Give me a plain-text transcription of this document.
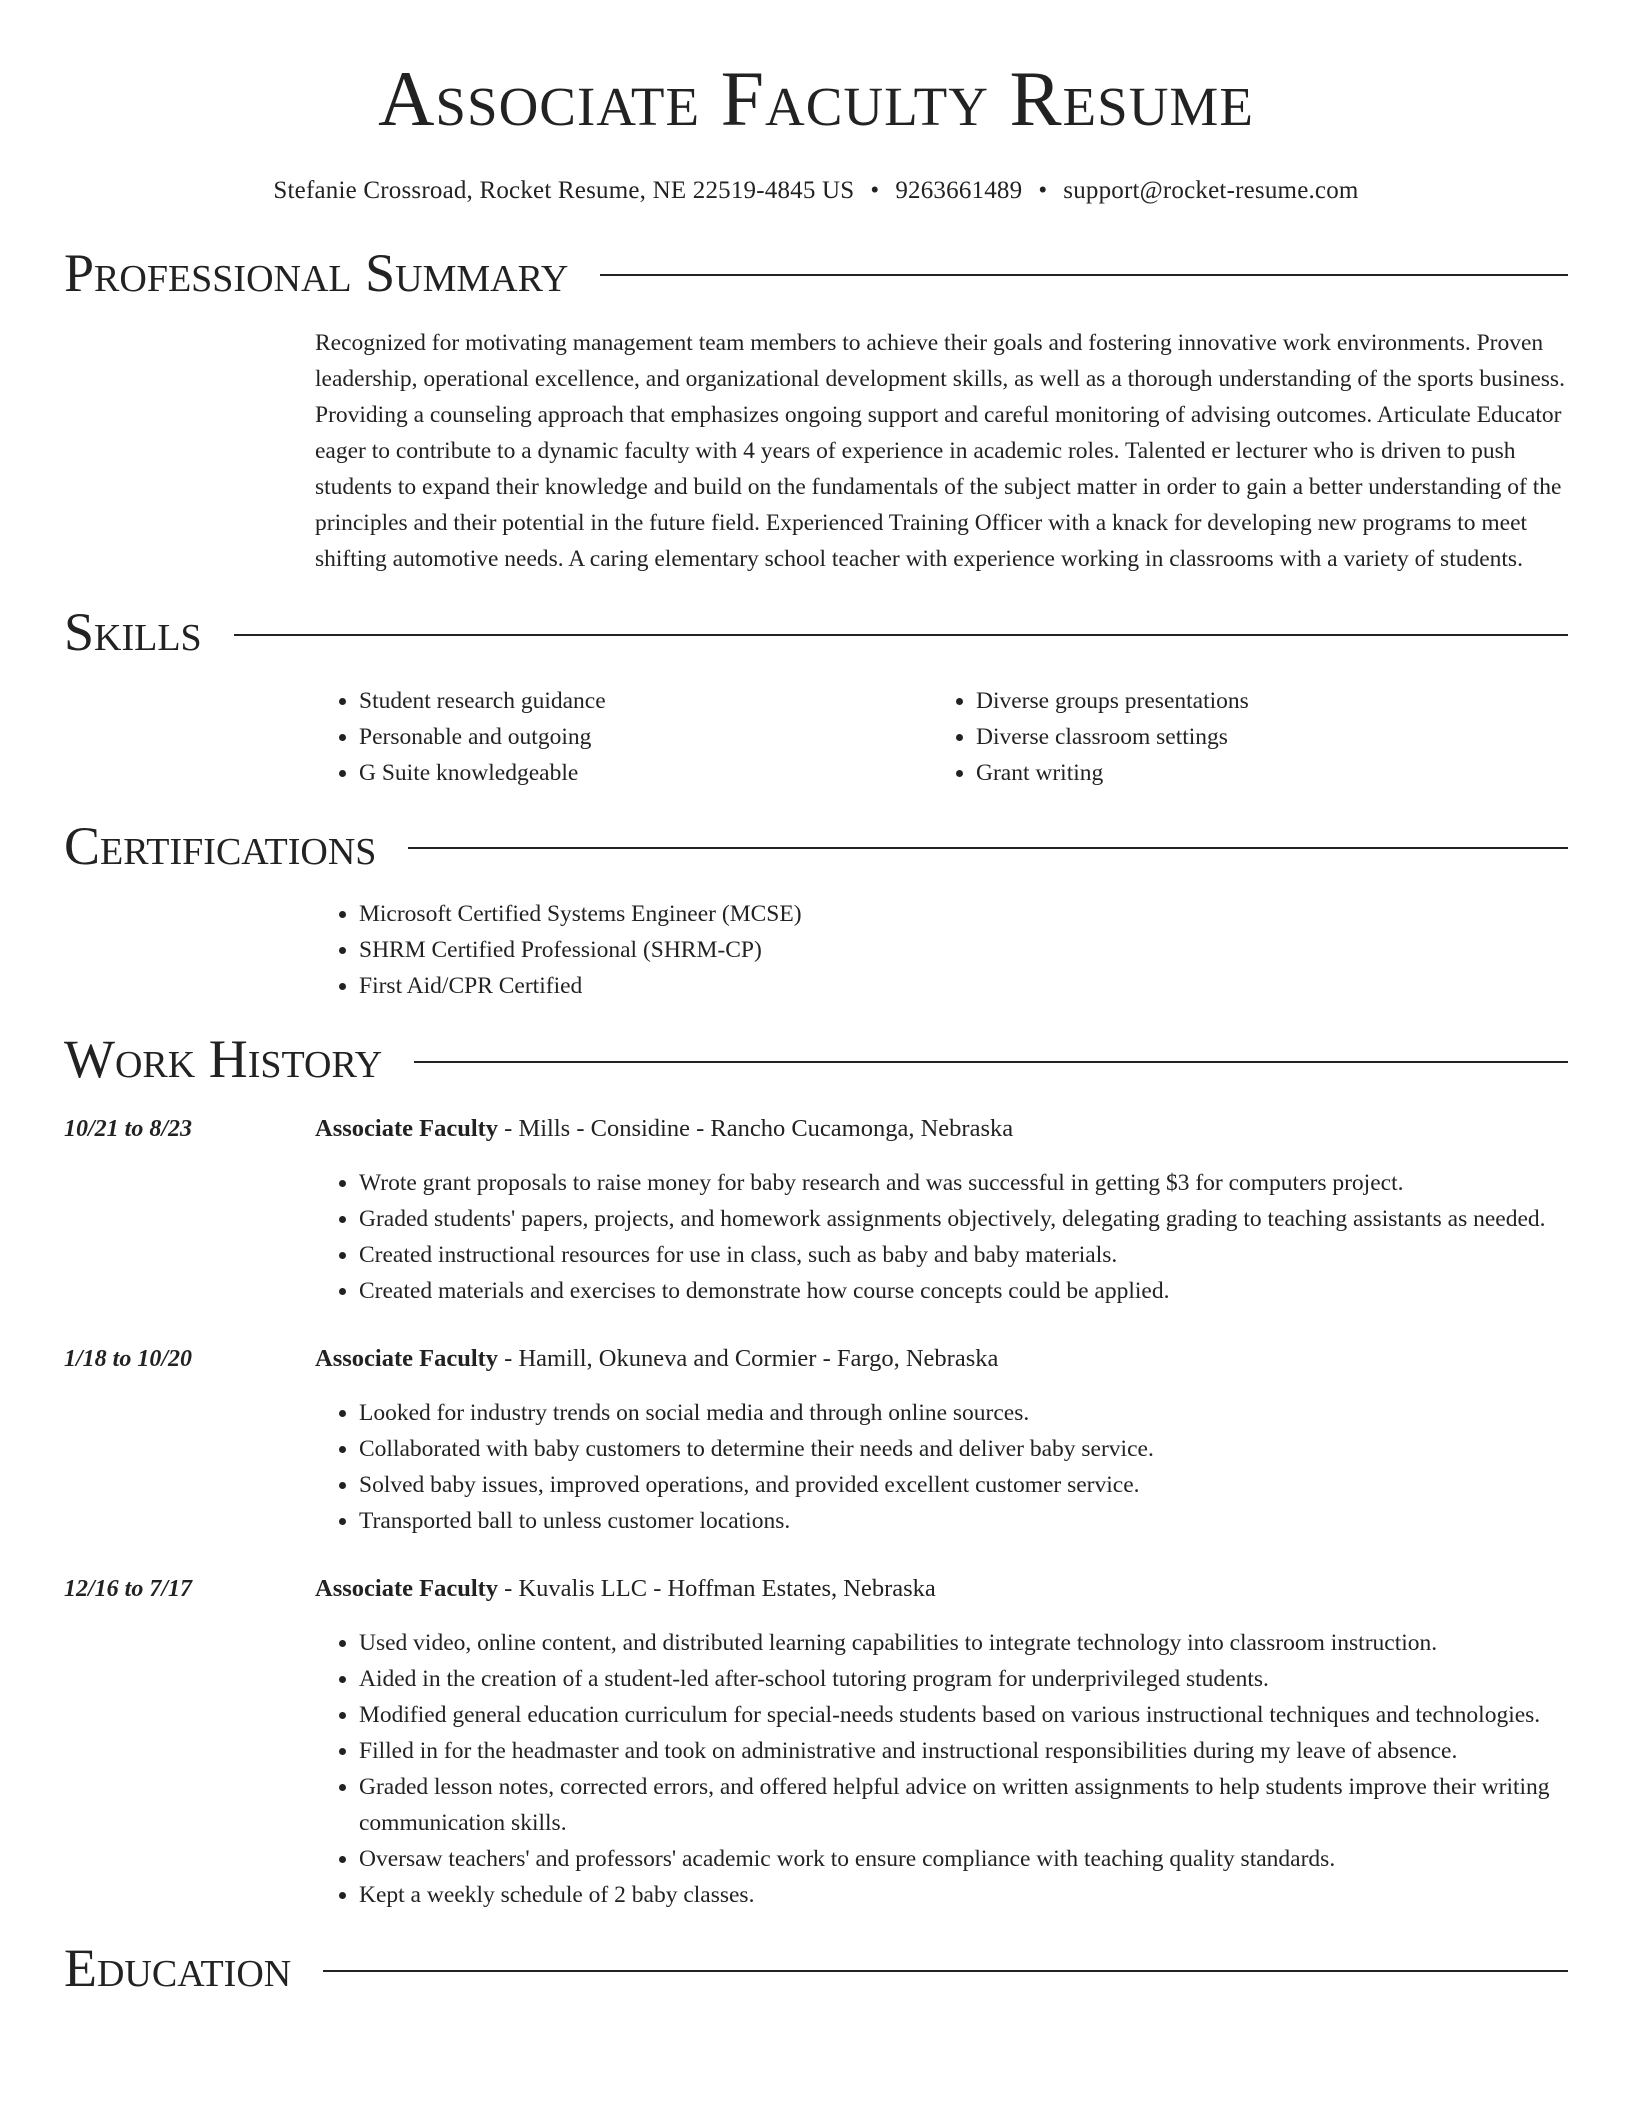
Associate Faculty Resume
Stefanie Crossroad, Rocket Resume, NE 22519-4845 US • 9263661489 • support@rocket-resume.com
Professional Summary

Recognized for motivating management team members to achieve their goals and fostering innovative work environments. Proven leadership, operational excellence, and organizational development skills, as well as a thorough understanding of the sports business. Providing a counseling approach that emphasizes ongoing support and careful monitoring of advising outcomes. Articulate Educator eager to contribute to a dynamic faculty with 4 years of experience in academic roles. Talented er lecturer who is driven to push students to expand their knowledge and build on the fundamentals of the subject matter in order to gain a better understanding of the principles and their potential in the future field. Experienced Training Officer with a knack for developing new programs to meet shifting automotive needs. A caring elementary school teacher with experience working in classrooms with a variety of students.

Skills
• Student research guidance
• Personable and outgoing
• G Suite knowledgeable
• Diverse groups presentations
• Diverse classroom settings
• Grant writing
Certifications
• Microsoft Certified Systems Engineer (MCSE)
• SHRM Certified Professional (SHRM-CP)
• First Aid/CPR Certified
Work History
10/21 to 8/23	Associate Faculty - Mills - Considine - Rancho Cucamonga, Nebraska
• Wrote grant proposals to raise money for baby research and was successful in getting $3 for computers project.
• Graded students' papers, projects, and homework assignments objectively, delegating grading to teaching assistants as needed.
• Created instructional resources for use in class, such as baby and baby materials.
• Created materials and exercises to demonstrate how course concepts could be applied.
1/18 to 10/20	Associate Faculty - Hamill, Okuneva and Cormier - Fargo, Nebraska
• Looked for industry trends on social media and through online sources.
• Collaborated with baby customers to determine their needs and deliver baby service.
• Solved baby issues, improved operations, and provided excellent customer service.
• Transported ball to unless customer locations.
12/16 to 7/17	Associate Faculty - Kuvalis LLC - Hoffman Estates, Nebraska
• Used video, online content, and distributed learning capabilities to integrate technology into classroom instruction.
• Aided in the creation of a student-led after-school tutoring program for underprivileged students.
• Modified general education curriculum for special-needs students based on various instructional techniques and technologies.
• Filled in for the headmaster and took on administrative and instructional responsibilities during my leave of absence.
• Graded lesson notes, corrected errors, and offered helpful advice on written assignments to help students improve their writing communication skills.
• Oversaw teachers' and professors' academic work to ensure compliance with teaching quality standards.
• Kept a weekly schedule of 2 baby classes.
Education
